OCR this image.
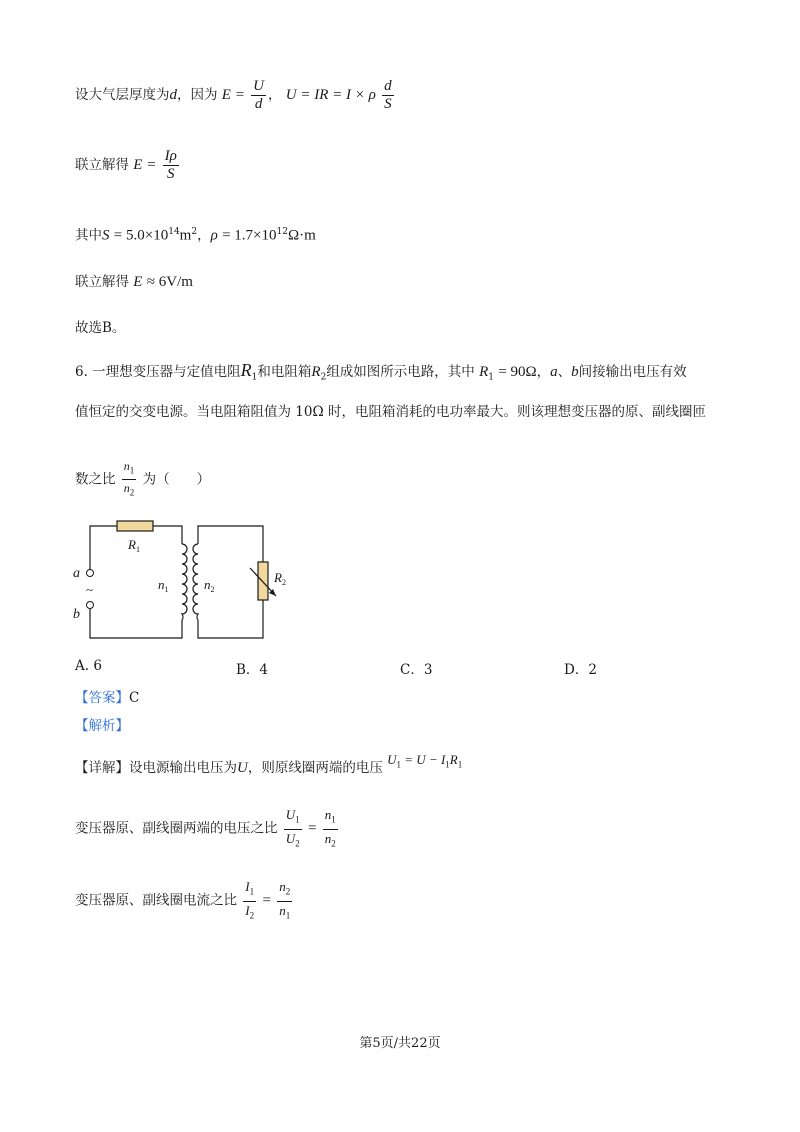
设大气层厚度为d，因为 $E = \frac{U}{d}$ ， U = IR = I × ρ $\frac{d}{S}$
联立解得 $E = \frac{I\rho}{S}$
其中$S = 5.0\times 10^{14}m^2$，$\rho = 1.7\times 10^{12}\Omega\cdot m$
联立解得 E ≈ 6V/m
故选B。
6. 一理想变压器与定值电阻$R_1$和电阻箱$R_2$组成如图所示电路，其中 $R_1 = 90\Omega$，a、b间接输出电压有效
值恒定的交变电源。当电阻箱阻值为 10Ω 时，电阻箱消耗的电功率最大。则该理想变压器的原、副线圈匝
数之比 $\frac{n_1}{n_2}$ 为（　　）
$R_1$
a
~
b
$n_1$	$n_2$
$R_2$
A. 6	B．4	C．3	D．2
【答案】C
【解析】
【详解】设电源输出电压为U，则原线圈两端的电压 $U_1 = U - I_1R_1$
变压器原、副线圈两端的电压之比 $\frac{U_1}{U_2} = \frac{n_1}{n_2}$
变压器原、副线圈电流之比 $\frac{I_1}{I_2} = \frac{n_2}{n_1}$
第5页/共22页
